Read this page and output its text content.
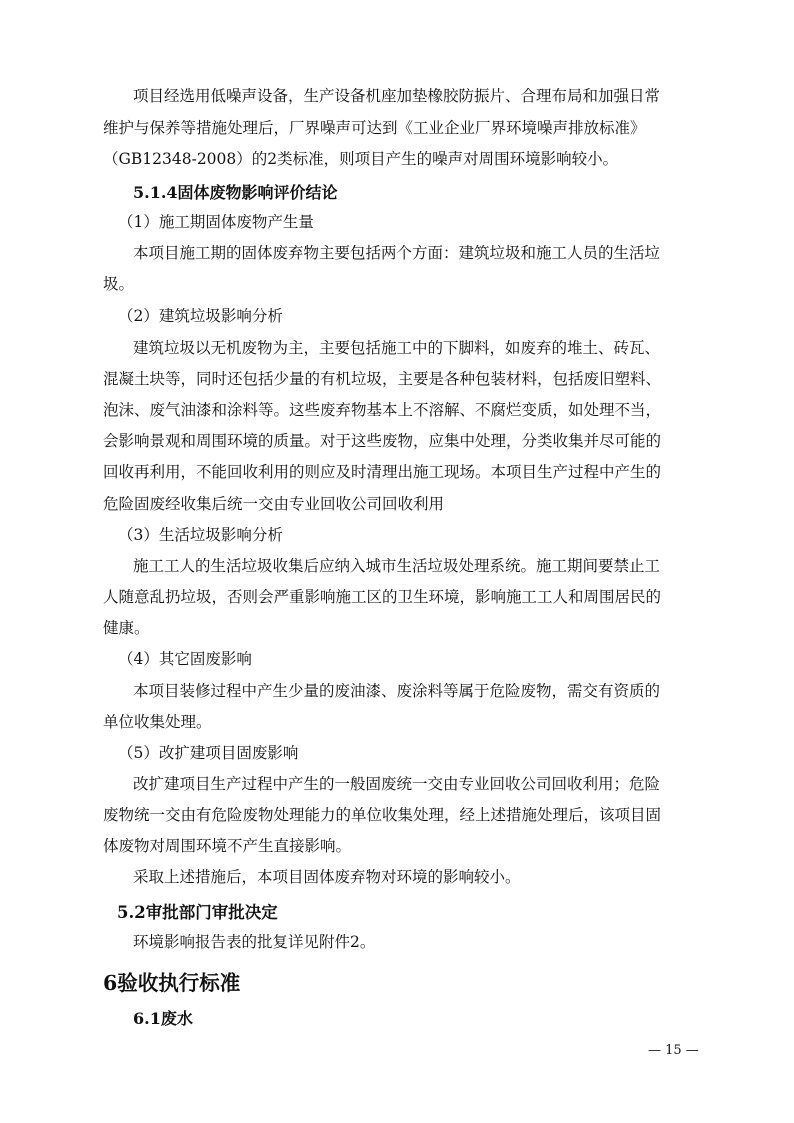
项目经选用低噪声设备，生产设备机座加垫橡胶防振片、合理布局和加强日常
维护与保养等措施处理后，厂界噪声可达到《工业企业厂界环境噪声排放标准》
（GB12348-2008）的2类标准，则项目产生的噪声对周围环境影响较小。
5.1.4固体废物影响评价结论
（1）施工期固体废物产生量
本项目施工期的固体废弃物主要包括两个方面：建筑垃圾和施工人员的生活垃
圾。
（2）建筑垃圾影响分析
建筑垃圾以无机废物为主，主要包括施工中的下脚料，如废弃的堆土、砖瓦、
混凝土块等，同时还包括少量的有机垃圾，主要是各种包装材料，包括废旧塑料、
泡沫、废气油漆和涂料等。这些废弃物基本上不溶解、不腐烂变质，如处理不当，
会影响景观和周围环境的质量。对于这些废物，应集中处理，分类收集并尽可能的
回收再利用，不能回收利用的则应及时清理出施工现场。本项目生产过程中产生的
危险固废经收集后统一交由专业回收公司回收利用
（3）生活垃圾影响分析
施工工人的生活垃圾收集后应纳入城市生活垃圾处理系统。施工期间要禁止工
人随意乱扔垃圾，否则会严重影响施工区的卫生环境，影响施工工人和周围居民的
健康。
（4）其它固废影响
本项目装修过程中产生少量的废油漆、废涂料等属于危险废物，需交有资质的
单位收集处理。
（5）改扩建项目固废影响
改扩建项目生产过程中产生的一般固废统一交由专业回收公司回收利用；危险
废物统一交由有危险废物处理能力的单位收集处理，经上述措施处理后，该项目固
体废物对周围环境不产生直接影响。
采取上述措施后，本项目固体废弃物对环境的影响较小。
5.2审批部门审批决定
环境影响报告表的批复详见附件2。
6验收执行标准
6.1废水
— 15 —
